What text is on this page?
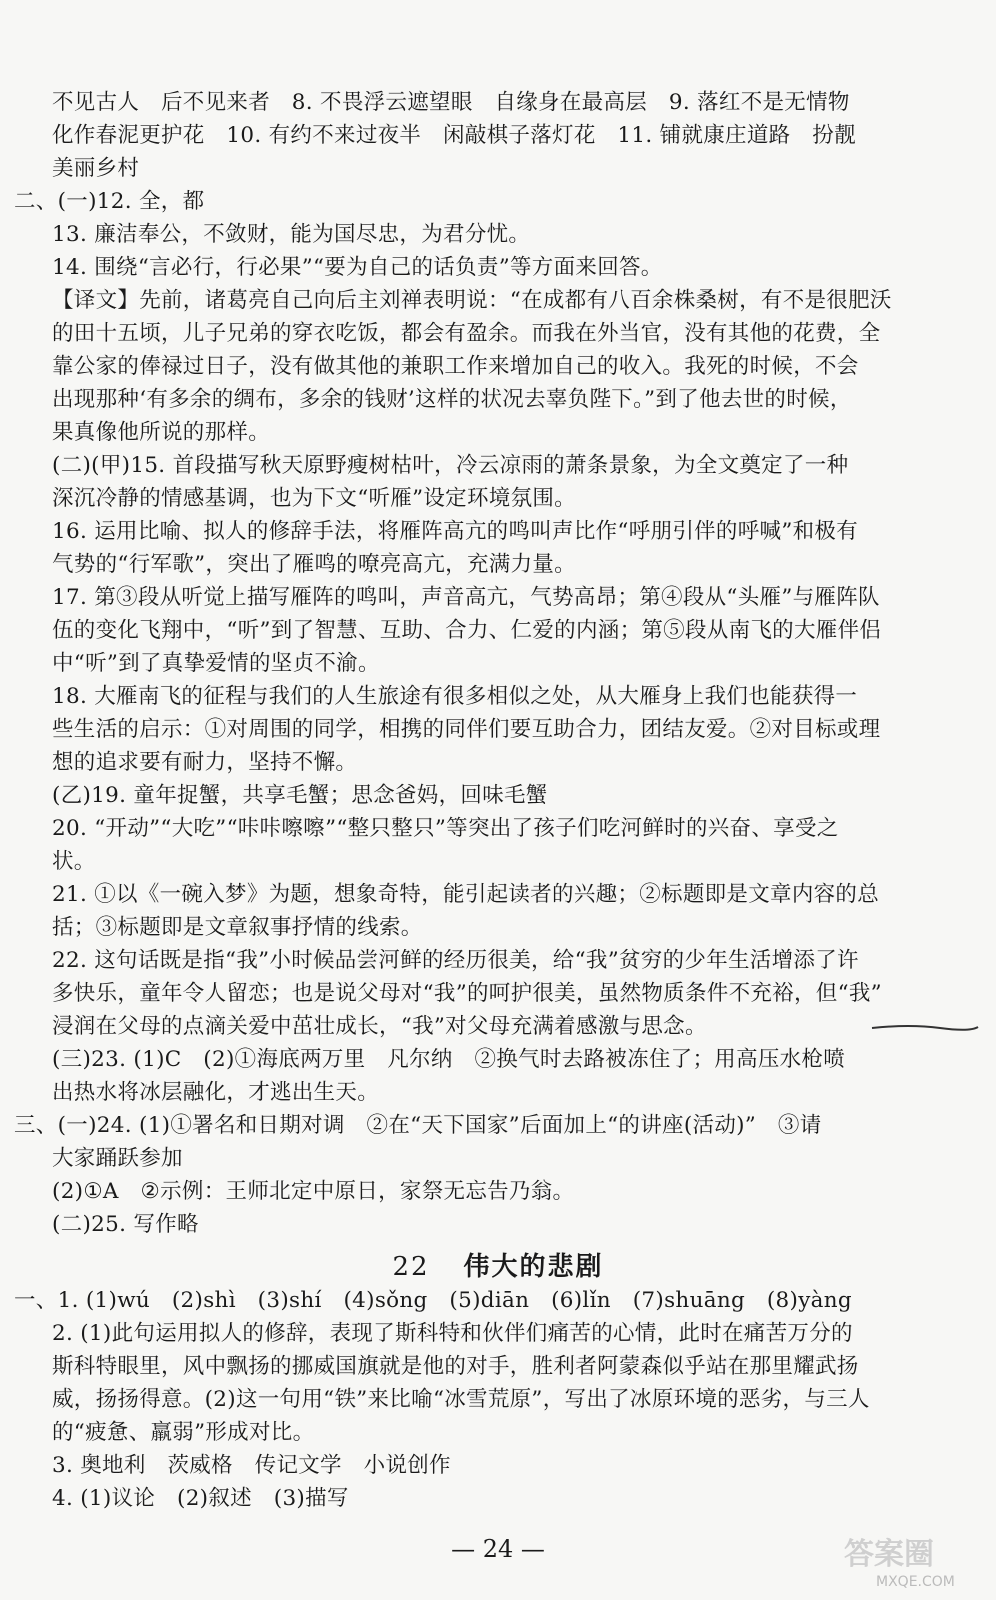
不见古人　后不见来者　8. 不畏浮云遮望眼　自缘身在最高层　9. 落红不是无情物
化作春泥更护花　10. 有约不来过夜半　闲敲棋子落灯花　11. 铺就康庄道路　扮靓
美丽乡村
二、(一)12. 全，都
13. 廉洁奉公，不敛财，能为国尽忠，为君分忧。
14. 围绕“言必行，行必果”“要为自己的话负责”等方面来回答。
【译文】先前，诸葛亮自己向后主刘禅表明说：“在成都有八百余株桑树，有不是很肥沃
的田十五顷，儿子兄弟的穿衣吃饭，都会有盈余。而我在外当官，没有其他的花费，全
靠公家的俸禄过日子，没有做其他的兼职工作来增加自己的收入。我死的时候，不会
出现那种‘有多余的绸布，多余的钱财’这样的状况去辜负陛下。”到了他去世的时候，
果真像他所说的那样。
(二)(甲)15. 首段描写秋天原野瘦树枯叶，冷云凉雨的萧条景象，为全文奠定了一种
深沉冷静的情感基调，也为下文“听雁”设定环境氛围。
16. 运用比喻、拟人的修辞手法，将雁阵高亢的鸣叫声比作“呼朋引伴的呼喊”和极有
气势的“行军歌”，突出了雁鸣的嘹亮高亢，充满力量。
17. 第③段从听觉上描写雁阵的鸣叫，声音高亢，气势高昂；第④段从“头雁”与雁阵队
伍的变化飞翔中，“听”到了智慧、互助、合力、仁爱的内涵；第⑤段从南飞的大雁伴侣
中“听”到了真挚爱情的坚贞不渝。
18. 大雁南飞的征程与我们的人生旅途有很多相似之处，从大雁身上我们也能获得一
些生活的启示：①对周围的同学，相携的同伴们要互助合力，团结友爱。②对目标或理
想的追求要有耐力，坚持不懈。
(乙)19. 童年捉蟹，共享毛蟹；思念爸妈，回味毛蟹
20. “开动”“大吃”“咔咔嚓嚓”“整只整只”等突出了孩子们吃河鲜时的兴奋、享受之
状。
21. ①以《一碗入梦》为题，想象奇特，能引起读者的兴趣；②标题即是文章内容的总
括；③标题即是文章叙事抒情的线索。
22. 这句话既是指“我”小时候品尝河鲜的经历很美，给“我”贫穷的少年生活增添了许
多快乐，童年令人留恋；也是说父母对“我”的呵护很美，虽然物质条件不充裕，但“我”
浸润在父母的点滴关爱中茁壮成长，“我”对父母充满着感激与思念。
(三)23. (1)C　(2)①海底两万里　凡尔纳　②换气时去路被冻住了；用高压水枪喷
出热水将冰层融化，才逃出生天。
三、(一)24. (1)①署名和日期对调　②在“天下国家”后面加上“的讲座(活动)”　③请
大家踊跃参加
(2)①A　②示例：王师北定中原日，家祭无忘告乃翁。
(二)25. 写作略
22 伟大的悲剧
一、1. (1)wú　(2)shì　(3)shí　(4)sǒng　(5)diān　(6)lǐn　(7)shuāng　(8)yàng
2. (1)此句运用拟人的修辞，表现了斯科特和伙伴们痛苦的心情，此时在痛苦万分的
斯科特眼里，风中飘扬的挪威国旗就是他的对手，胜利者阿蒙森似乎站在那里耀武扬
威，扬扬得意。(2)这一句用“铁”来比喻“冰雪荒原”，写出了冰原环境的恶劣，与三人
的“疲惫、羸弱”形成对比。
3. 奥地利　茨威格　传记文学　小说创作
4. (1)议论　(2)叙述　(3)描写
— 24 —	答案圈
MXQE.COM
